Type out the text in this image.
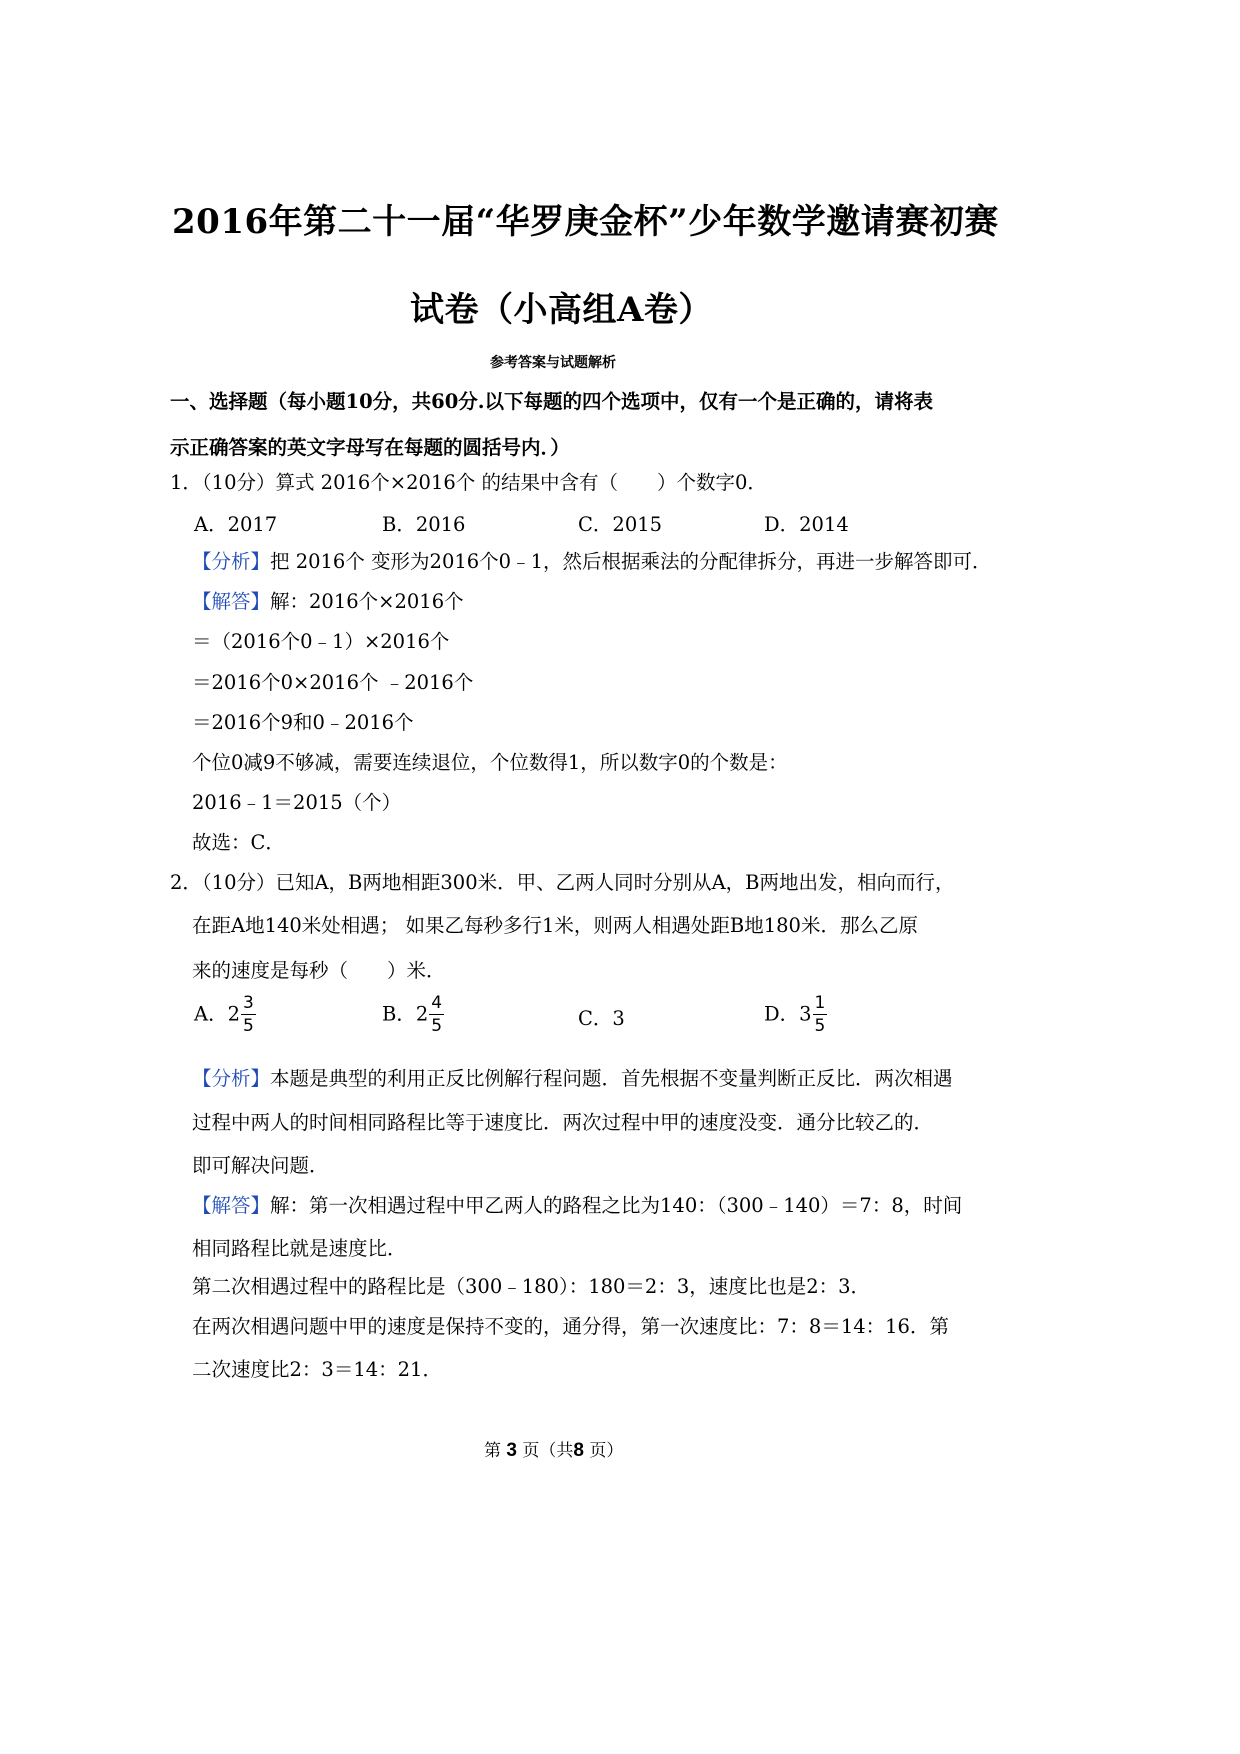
2016年第二十一届“华罗庚金杯”少年数学邀请赛初赛
试卷（小高组A卷）
参考答案与试题解析
一、选择题（每小题10分，共60分.以下每题的四个选项中，仅有一个是正确的，请将表
示正确答案的英文字母写在每题的圆括号内．）
1．（10分）算式 2016个×2016个 的结果中含有（　　）个数字0．
A．2017	B．2016	C．2015	D．2014
【分析】把 2016个 变形为2016个0﹣1，然后根据乘法的分配律拆分，再进一步解答即可．
【解答】解：2016个×2016个
＝（2016个0﹣1）×2016个
＝2016个0×2016个 ﹣2016个
＝2016个9和0﹣2016个
个位0减9不够减，需要连续退位，个位数得1，所以数字0的个数是：
2016﹣1＝2015（个）
故选：C．
2．（10分）已知A，B两地相距300米．甲、乙两人同时分别从A，B两地出发，相向而行，
在距A地140米处相遇； 如果乙每秒多行1米，则两人相遇处距B地180米．那么乙原
来的速度是每秒（　　）米．
A．$2 \frac{3}{5}$	B．$2 \frac{4}{5}$	C．3	D．$3 \frac{1}{5}$
【分析】本题是典型的利用正反比例解行程问题．首先根据不变量判断正反比．两次相遇
过程中两人的时间相同路程比等于速度比．两次过程中甲的速度没变．通分比较乙的．
即可解决问题．
【解答】解：第一次相遇过程中甲乙两人的路程之比为140：（300﹣140）＝7：8，时间
相同路程比就是速度比．
第二次相遇过程中的路程比是（300﹣180）：180＝2：3，速度比也是2：3．
在两次相遇问题中甲的速度是保持不变的，通分得，第一次速度比：7：8＝14：16．第
二次速度比2：3＝14：21．
第 3 页（共8 页）
